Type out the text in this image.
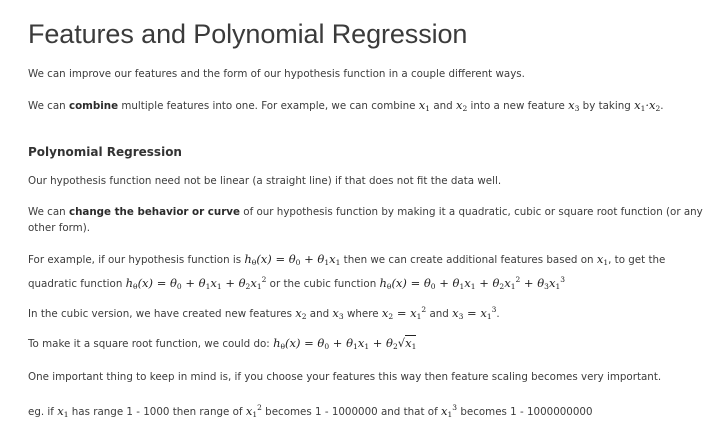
Features and Polynomial Regression

We can improve our features and the form of our hypothesis function in a couple different ways.

We can combine multiple features into one. For example, we can combine $x_1$ and $x_2$ into a new feature $x_3$ by taking $x_1\cdot x_2$.

Polynomial Regression

Our hypothesis function need not be linear (a straight line) if that does not fit the data well.

We can change the behavior or curve of our hypothesis function by making it a quadratic, cubic or square root function (or any other form).

For example, if our hypothesis function is $h_\theta(x) = \theta_0 + \theta_1x_1$ then we can create additional features based on $x_1$, to get the quadratic function $h_\theta(x) = \theta_0 + \theta_1x_1 + \theta_2x_1^2$ or the cubic function $h_\theta(x) = \theta_0 + \theta_1x_1 + \theta_2x_1^2 + \theta_3x_1^3$

In the cubic version, we have created new features $x_2$ and $x_3$ where $x_2 = x_1^2$ and $x_3 = x_1^3$.

To make it a square root function, we could do: $h_\theta(x) = \theta_0 + \theta_1x_1 + \theta_2√x_1$

One important thing to keep in mind is, if you choose your features this way then feature scaling becomes very important.

eg. if $x_1$ has range 1 - 1000 then range of $x_1^2$ becomes 1 - 1000000 and that of $x_1^3$ becomes 1 - 1000000000
